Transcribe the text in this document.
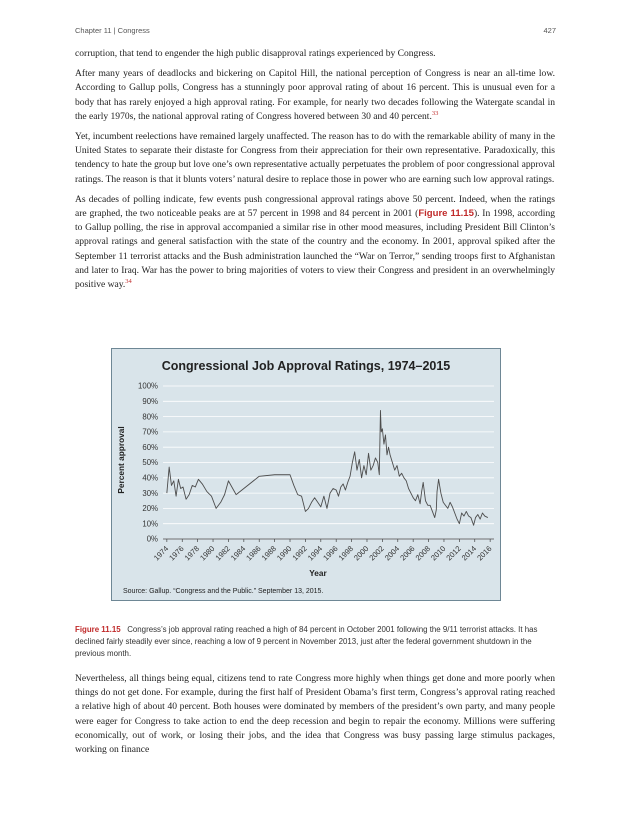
Chapter 11 | Congress	427

corruption, that tend to engender the high public disapproval ratings experienced by Congress.

After many years of deadlocks and bickering on Capitol Hill, the national perception of Congress is near an all-time low. According to Gallup polls, Congress has a stunningly poor approval rating of about 16 percent. This is unusual even for a body that has rarely enjoyed a high approval rating. For example, for nearly two decades following the Watergate scandal in the early 1970s, the national approval rating of Congress hovered between 30 and 40 percent.$^{33}$

Yet, incumbent reelections have remained largely unaffected. The reason has to do with the remarkable ability of many in the United States to separate their distaste for Congress from their appreciation for their own representative. Paradoxically, this tendency to hate the group but love one’s own representative actually perpetuates the problem of poor congressional approval ratings. The reason is that it blunts voters’ natural desire to replace those in power who are earning such low approval ratings.

As decades of polling indicate, few events push congressional approval ratings above 50 percent. Indeed, when the ratings are graphed, the two noticeable peaks are at 57 percent in 1998 and 84 percent in 2001 (Figure 11.15). In 1998, according to Gallup polling, the rise in approval accompanied a similar rise in other mood measures, including President Bill Clinton’s approval ratings and general satisfaction with the state of the country and the economy. In 2001, approval spiked after the September 11 terrorist attacks and the Bush administration launched the “War on Terror,” sending troops first to Afghanistan and later to Iraq. War has the power to bring majorities of voters to view their Congress and president in an overwhelmingly positive way.$^{34}$

Congressional Job Approval Ratings, 1974–2015
0%
10%
20%
30%
40%
50%
60%
70%
80%
90%
100%
1974
1976
1978
1980
1982
1984
1986
1988
1990
1992
1994
1996
1998
2000
2002
2004
2006
2008
2010
2012
2014
2016
Percent approval
Year
Source: Gallup. “Congress and the Public.” September 13, 2015.
Figure 11.15 Congress’s job approval rating reached a high of 84 percent in October 2001 following the 9/11 terrorist attacks. It has declined fairly steadily ever since, reaching a low of 9 percent in November 2013, just after the federal government shutdown in the previous month.

Nevertheless, all things being equal, citizens tend to rate Congress more highly when things get done and more poorly when things do not get done. For example, during the first half of President Obama’s first term, Congress’s approval rating reached a relative high of about 40 percent. Both houses were dominated by members of the president’s own party, and many people were eager for Congress to take action to end the deep recession and begin to repair the economy. Millions were suffering economically, out of work, or losing their jobs, and the idea that Congress was busy passing large stimulus packages, working on finance
